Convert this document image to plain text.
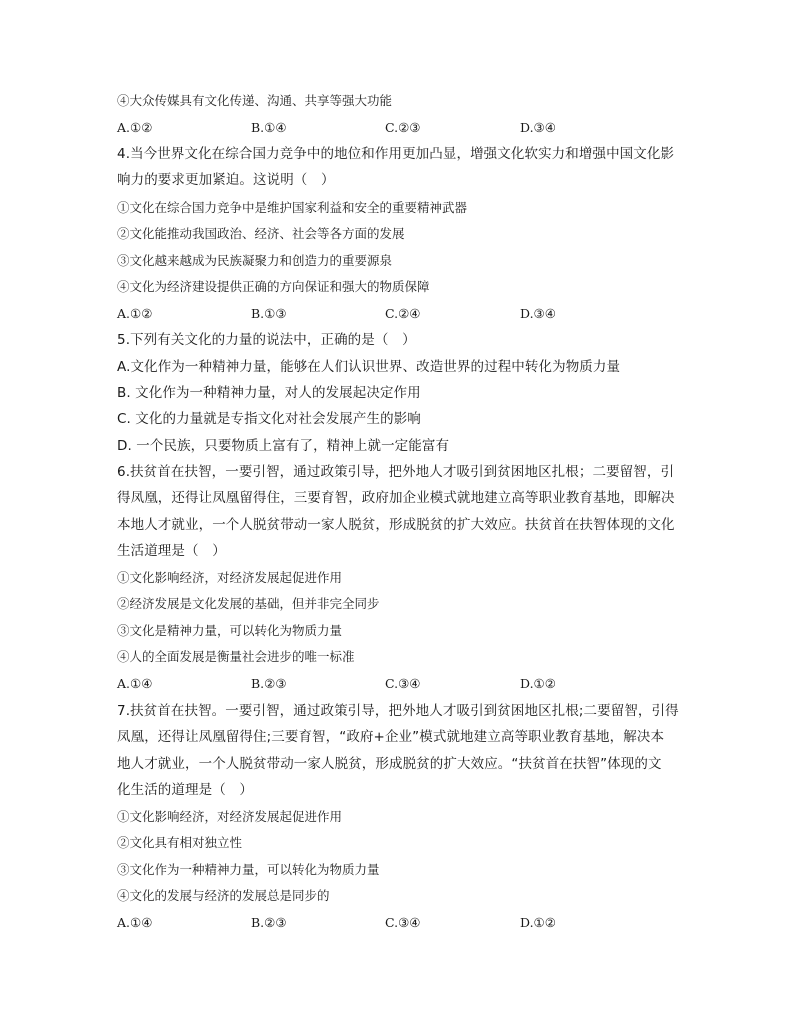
④大众传媒具有文化传递、沟通、共享等强大功能
A.①②	B.①④	C.②③	D.③④
4.当今世界文化在综合国力竞争中的地位和作用更加凸显，增强文化软实力和增强中国文化影
响力的要求更加紧迫。这说明（　）
①文化在综合国力竞争中是维护国家利益和安全的重要精神武器
②文化能推动我国政治、经济、社会等各方面的发展
③文化越来越成为民族凝聚力和创造力的重要源泉
④文化为经济建设提供正确的方向保证和强大的物质保障
A.①②	B.①③	C.②④	D.③④
5.下列有关文化的力量的说法中，正确的是（　）
A.文化作为一种精神力量，能够在人们认识世界、改造世界的过程中转化为物质力量
B. 文化作为一种精神力量，对人的发展起决定作用
C. 文化的力量就是专指文化对社会发展产生的影响
D. 一个民族，只要物质上富有了，精神上就一定能富有
6.扶贫首在扶智，一要引智，通过政策引导，把外地人才吸引到贫困地区扎根；二要留智，引
得凤凰，还得让凤凰留得住，三要育智，政府加企业模式就地建立高等职业教育基地，即解决
本地人才就业，一个人脱贫带动一家人脱贫，形成脱贫的扩大效应。扶贫首在扶智体现的文化
生活道理是（　）
①文化影响经济，对经济发展起促进作用
②经济发展是文化发展的基础，但并非完全同步
③文化是精神力量，可以转化为物质力量
④人的全面发展是衡量社会进步的唯一标准
A.①④	B.②③	C.③④	D.①②
7.扶贫首在扶智。一要引智，通过政策引导，把外地人才吸引到贫困地区扎根;二要留智，引得
凤凰，还得让凤凰留得住;三要育智，“政府+企业”模式就地建立高等职业教育基地，解决本
地人才就业，一个人脱贫带动一家人脱贫，形成脱贫的扩大效应。“扶贫首在扶智”体现的文
化生活的道理是（　）
①文化影响经济，对经济发展起促进作用
②文化具有相对独立性
③文化作为一种精神力量，可以转化为物质力量
④文化的发展与经济的发展总是同步的
A.①④	B.②③	C.③④	D.①②
